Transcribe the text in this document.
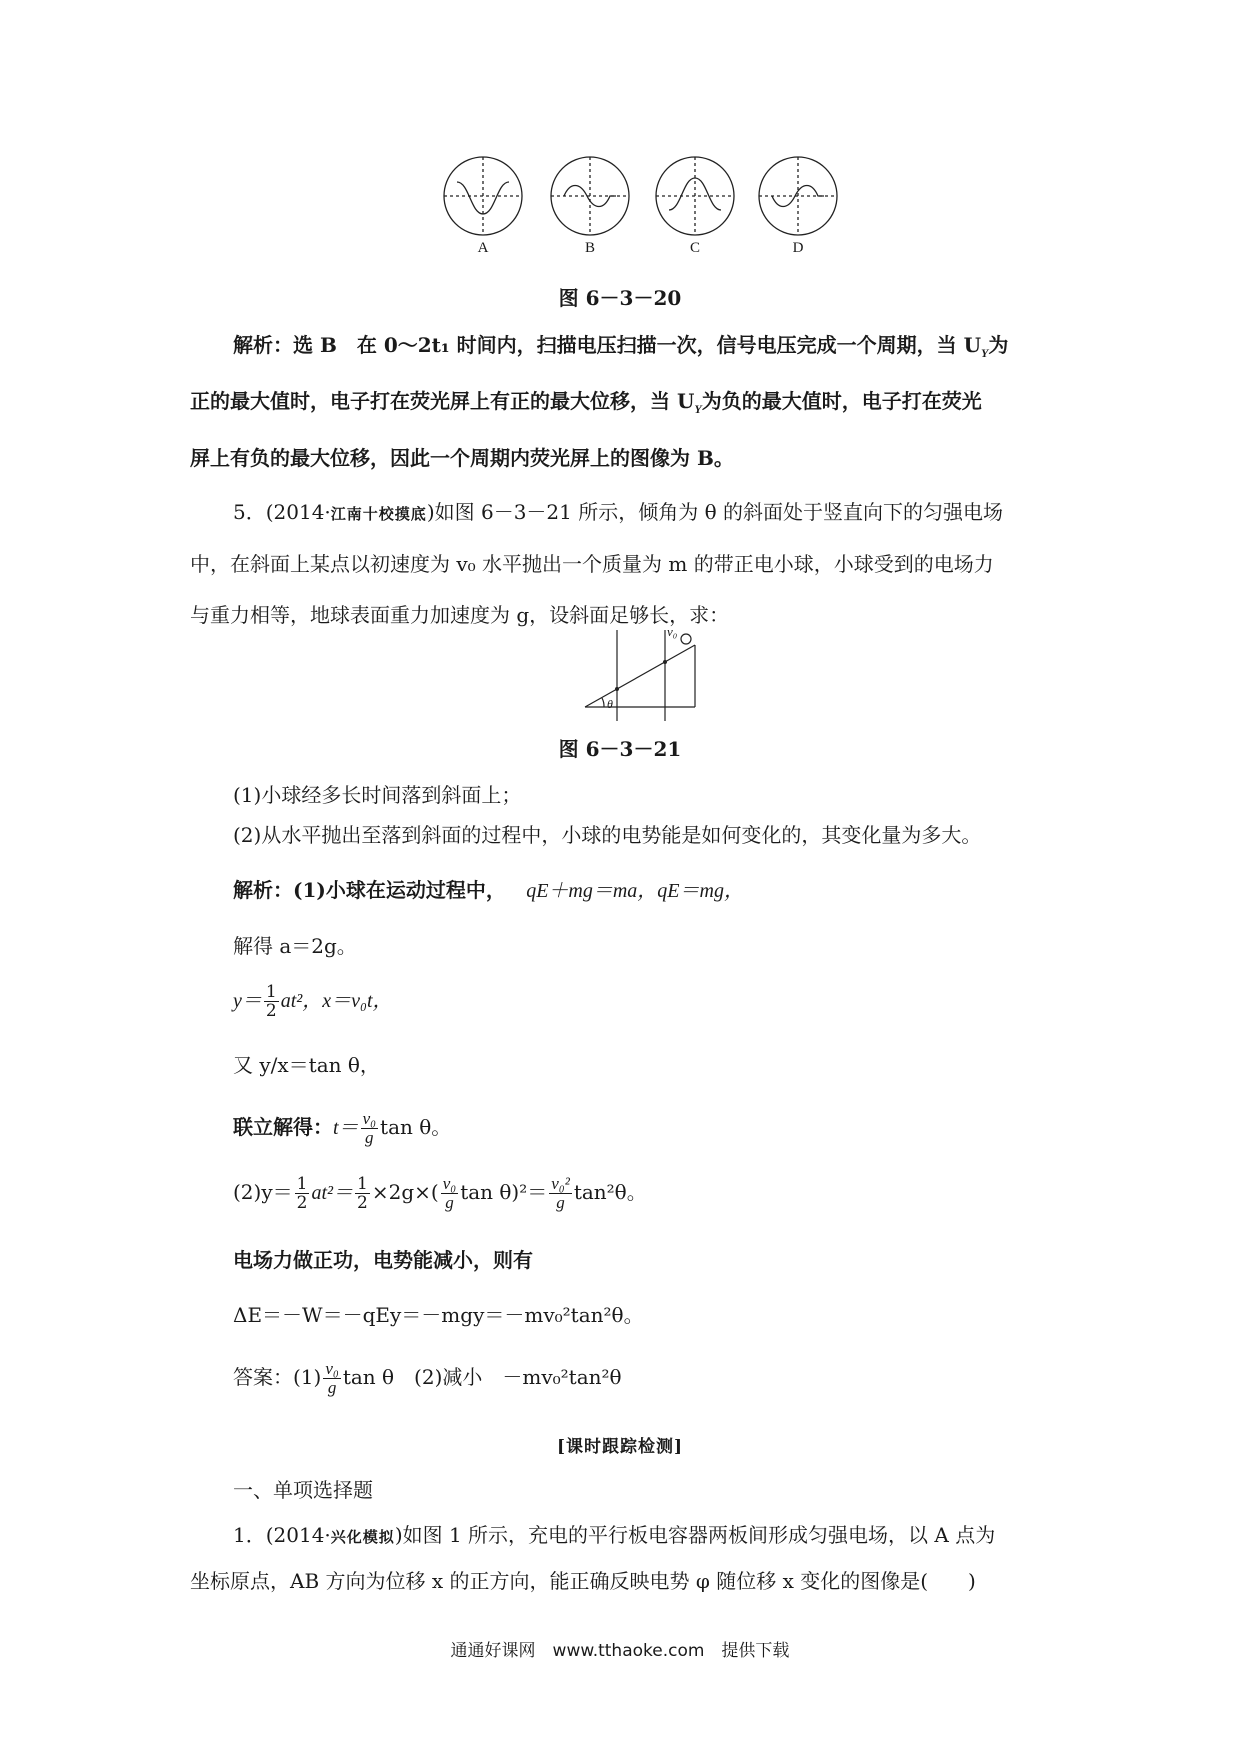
A	B	C	D
图 6－3－20
解析：选 B　在 0～2t₁ 时间内，扫描电压扫描一次，信号电压完成一个周期，当 $U_Y$为
正的最大值时，电子打在荧光屏上有正的最大位移，当 $U_Y$为负的最大值时，电子打在荧光
屏上有负的最大位移，因此一个周期内荧光屏上的图像为 B。
5．(2014·江南十校摸底)如图 6－3－21 所示，倾角为 θ 的斜面处于竖直向下的匀强电场
中，在斜面上某点以初速度为 v₀ 水平抛出一个质量为 m 的带正电小球，小球受到的电场力
与重力相等，地球表面重力加速度为 g，设斜面足够长，求：
v₀
θ
图 6－3－21
(1)小球经多长时间落到斜面上；
(2)从水平抛出至落到斜面的过程中，小球的电势能是如何变化的，其变化量为多大。
解析：(1)小球在运动过程中， qE＋mg＝ma，qE＝mg，
解得 a＝2g。
$y= \frac{1}{2} at^2$，x＝v₀t，
又 y/x＝tan θ，
联立解得：$t= \frac{\text{v₀}}{g}$ tan θ。
$(2)y= \frac{1}{2} at^2= \frac{1}{2} \times 2g\times( \frac{\text{v₀}}{g}$ $\tan \theta)^2= \frac{\text{v₀²}}{g} \tan^2\theta$。
电场力做正功，电势能减小，则有
ΔE＝－W＝－qEy＝－mgy＝－mv₀²tan²θ。
答案：$(1) \frac{\text{v₀}}{g}$ tan θ　(2)减小　－mv₀²tan²θ
[课时跟踪检测]
一、单项选择题
1．(2014·兴化模拟)如图 1 所示，充电的平行板电容器两板间形成匀强电场，以 A 点为
坐标原点，AB 方向为位移 x 的正方向，能正确反映电势 φ 随位移 x 变化的图像是(　　)
通通好课网　www.tthaoke.com　提供下载
